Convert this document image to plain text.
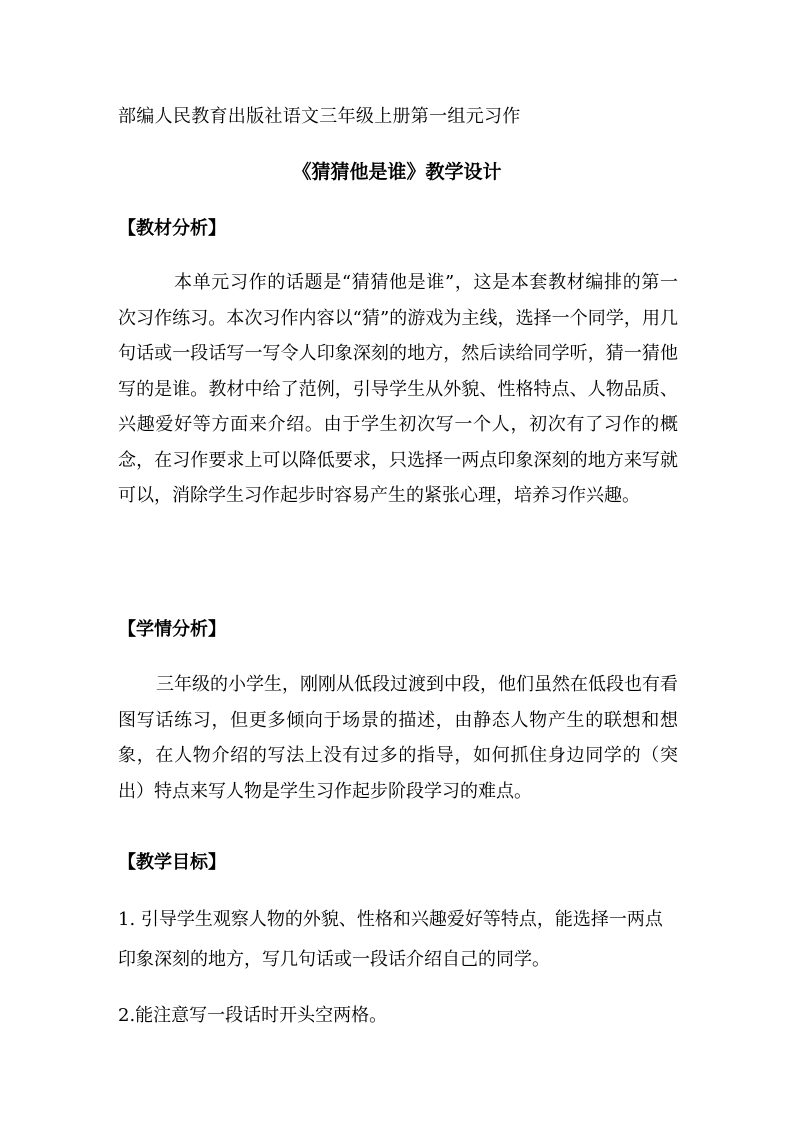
部编人民教育出版社语文三年级上册第一组元习作
《猜猜他是谁》教学设计
【教材分析】

本单元习作的话题是“猜猜他是谁”，这是本套教材编排的第一次习作练习。本次习作内容以“猜”的游戏为主线，选择一个同学，用几句话或一段话写一写令人印象深刻的地方，然后读给同学听，猜一猜他写的是谁。教材中给了范例，引导学生从外貌、性格特点、人物品质、兴趣爱好等方面来介绍。由于学生初次写一个人，初次有了习作的概念，在习作要求上可以降低要求，只选择一两点印象深刻的地方来写就可以，消除学生习作起步时容易产生的紧张心理，培养习作兴趣。

【学情分析】

三年级的小学生，刚刚从低段过渡到中段，他们虽然在低段也有看图写话练习，但更多倾向于场景的描述，由静态人物产生的联想和想象，在人物介绍的写法上没有过多的指导，如何抓住身边同学的（突出）特点来写人物是学生习作起步阶段学习的难点。

【教学目标】

1. 引导学生观察人物的外貌、性格和兴趣爱好等特点，能选择一两点印象深刻的地方，写几句话或一段话介绍自己的同学。

2.能注意写一段话时开头空两格。
